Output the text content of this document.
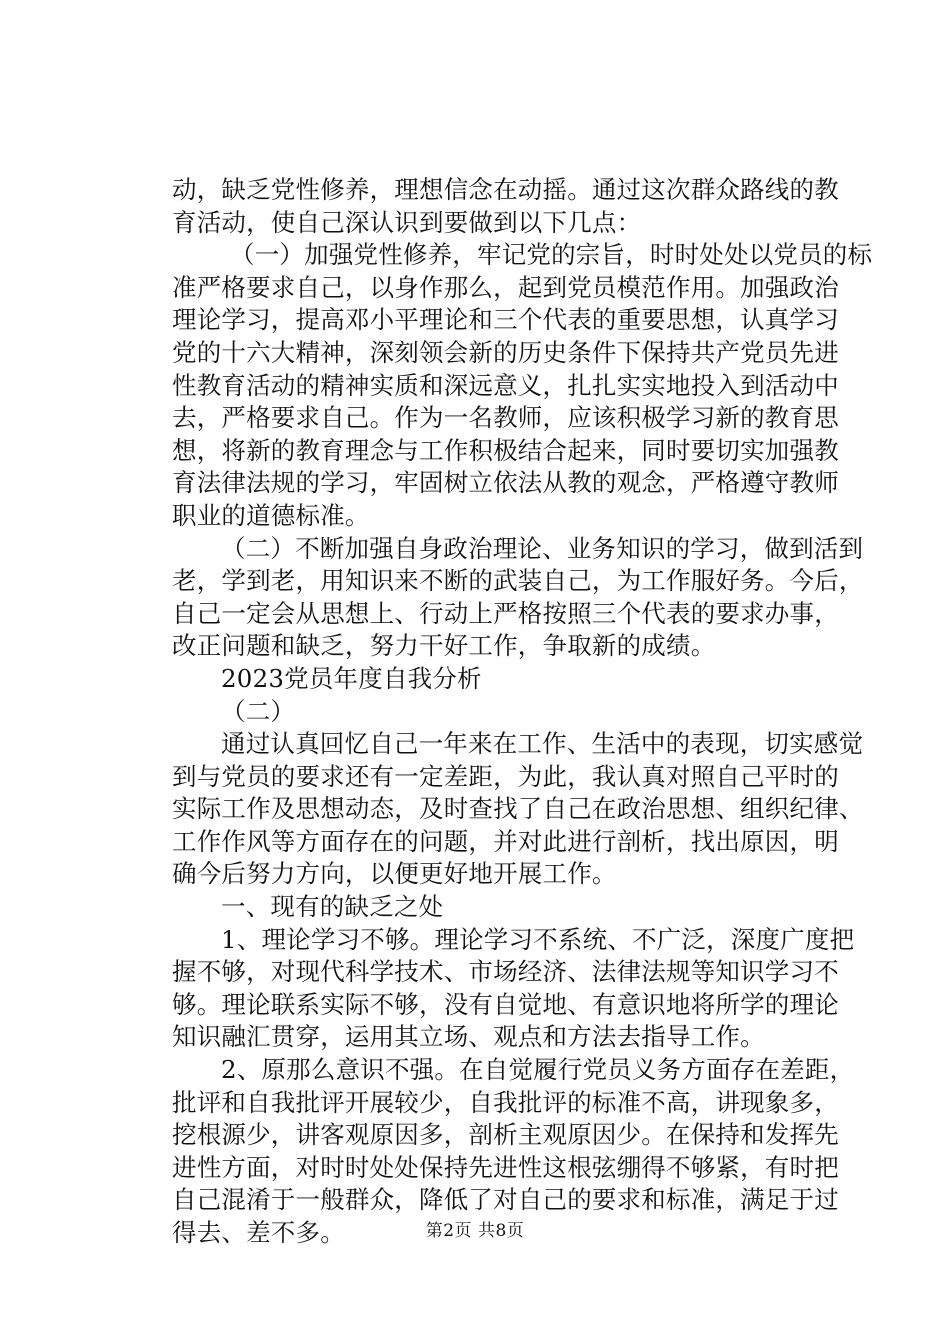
动，缺乏党性修养，理想信念在动摇。通过这次群众路线的教
育活动，使自己深认识到要做到以下几点：
（一）加强党性修养，牢记党的宗旨，时时处处以党员的标
准严格要求自己，以身作那么，起到党员模范作用。加强政治
理论学习，提高邓小平理论和三个代表的重要思想，认真学习
党的十六大精神，深刻领会新的历史条件下保持共产党员先进
性教育活动的精神实质和深远意义，扎扎实实地投入到活动中
去，严格要求自己。作为一名教师，应该积极学习新的教育思
想，将新的教育理念与工作积极结合起来，同时要切实加强教
育法律法规的学习，牢固树立依法从教的观念，严格遵守教师
职业的道德标准。
（二）不断加强自身政治理论、业务知识的学习，做到活到
老，学到老，用知识来不断的武装自己，为工作服好务。今后，
自己一定会从思想上、行动上严格按照三个代表的要求办事，
改正问题和缺乏，努力干好工作，争取新的成绩。
2023党员年度自我分析
（二）
通过认真回忆自己一年来在工作、生活中的表现，切实感觉
到与党员的要求还有一定差距，为此，我认真对照自己平时的
实际工作及思想动态，及时查找了自己在政治思想、组织纪律、
工作作风等方面存在的问题，并对此进行剖析，找出原因，明
确今后努力方向，以便更好地开展工作。
一、现有的缺乏之处
1、理论学习不够。理论学习不系统、不广泛，深度广度把
握不够，对现代科学技术、市场经济、法律法规等知识学习不
够。理论联系实际不够，没有自觉地、有意识地将所学的理论
知识融汇贯穿，运用其立场、观点和方法去指导工作。
2、原那么意识不强。在自觉履行党员义务方面存在差距，
批评和自我批评开展较少，自我批评的标准不高，讲现象多，
挖根源少，讲客观原因多，剖析主观原因少。在保持和发挥先
进性方面，对时时处处保持先进性这根弦绷得不够紧，有时把
自己混淆于一般群众，降低了对自己的要求和标准，满足于过
得去、差不多。	第2页 共8页
